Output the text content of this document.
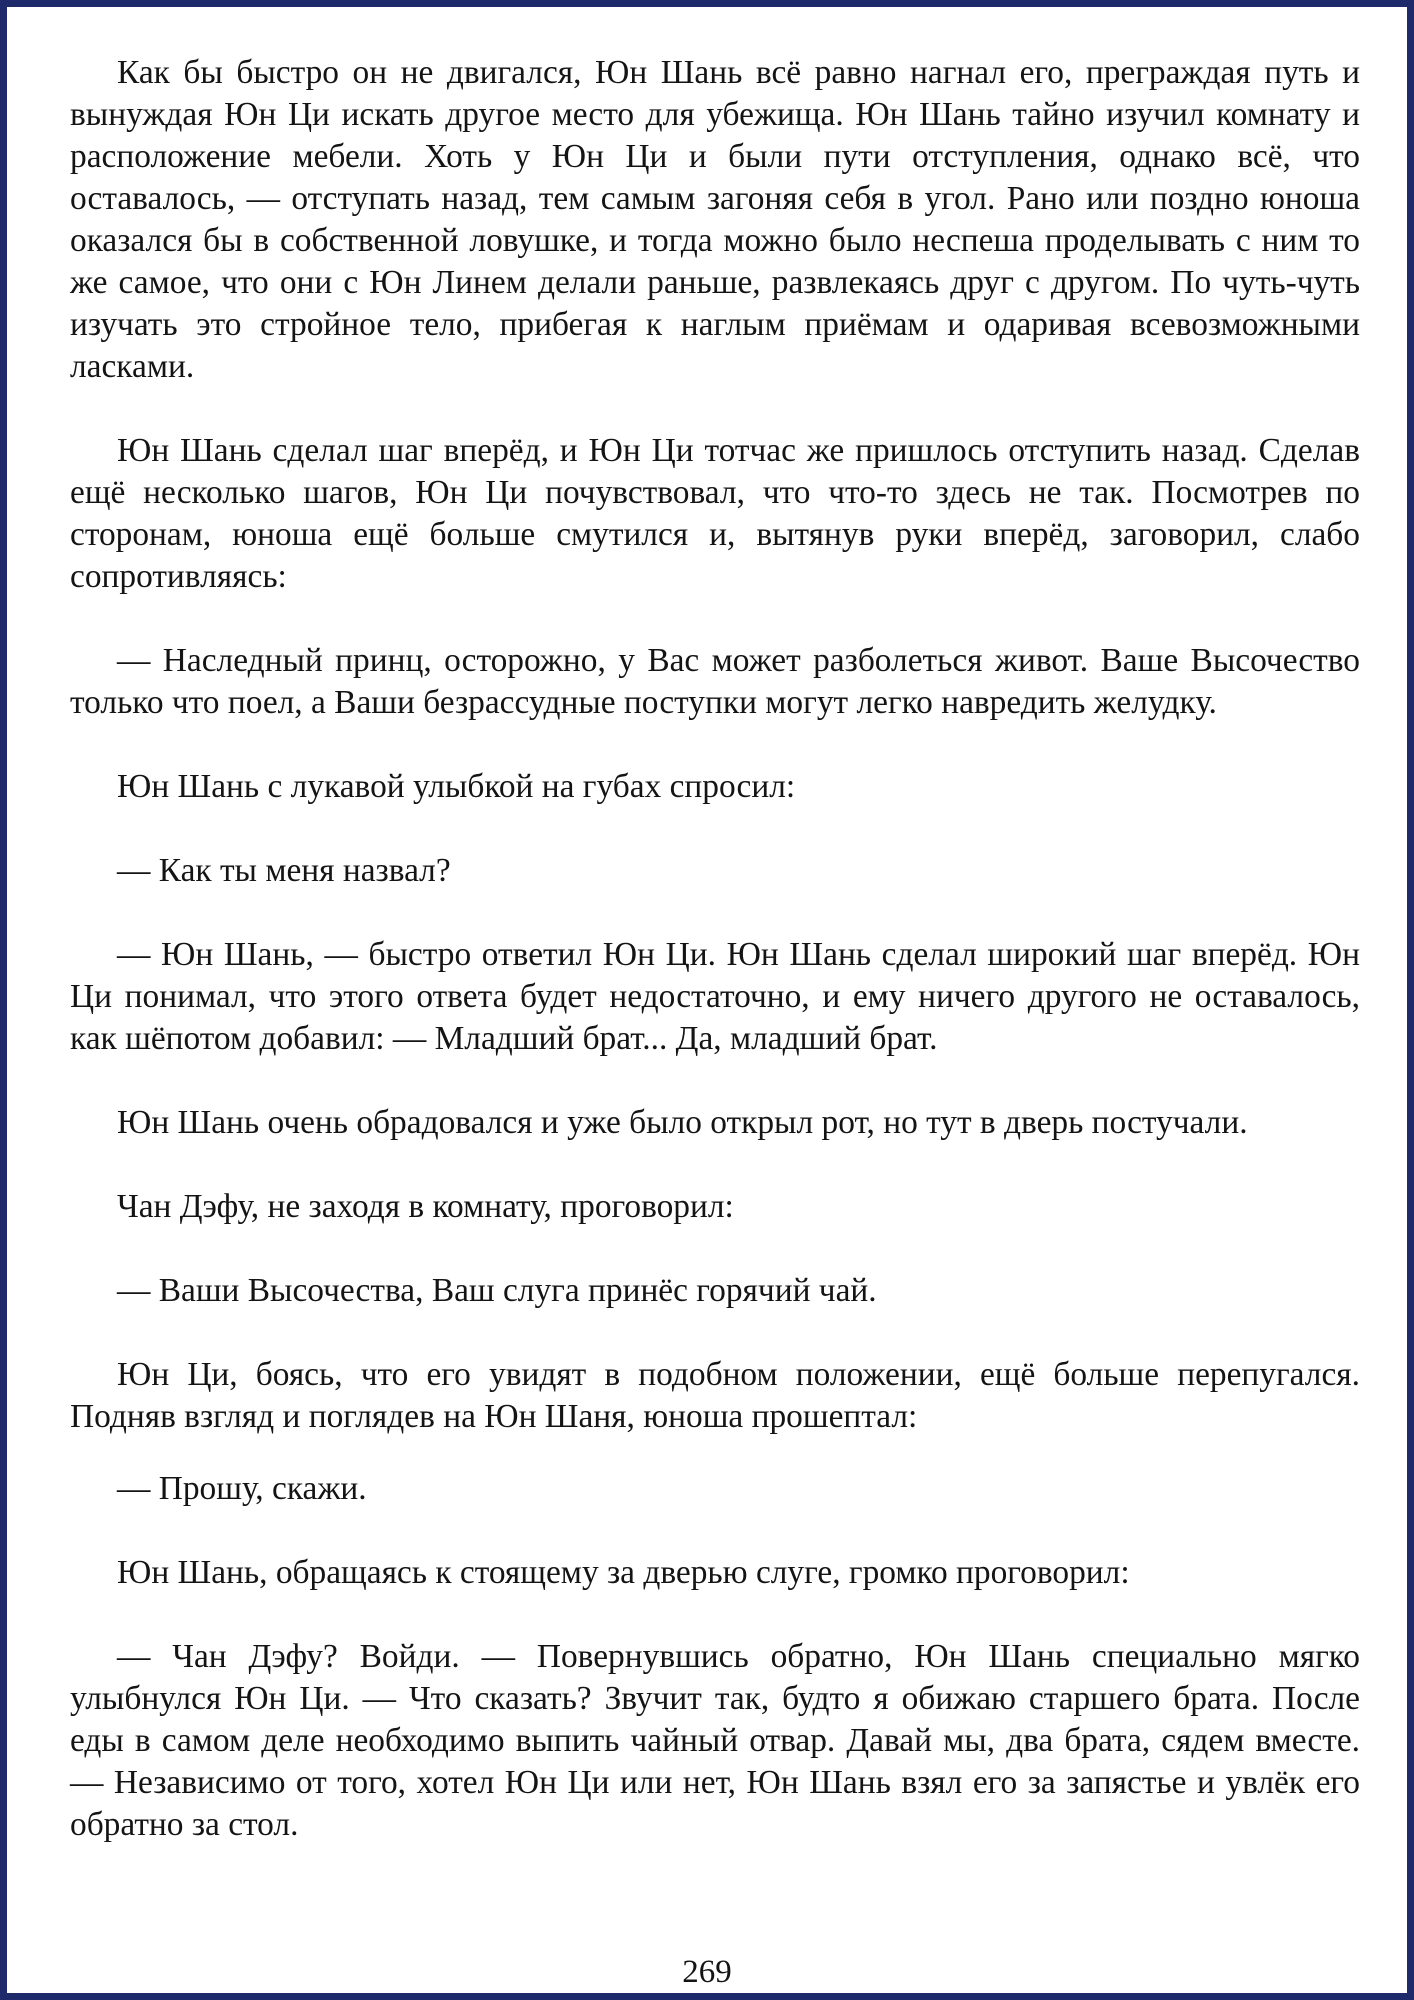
Как бы быстро он не двигался, Юн Шань всё равно нагнал его, преграждая путь и вынуждая Юн Ци искать другое место для убежища. Юн Шань тайно изучил комнату и расположение мебели. Хоть у Юн Ци и были пути отступления, однако всё, что оставалось, — отступать назад, тем самым загоняя себя в угол. Рано или поздно юноша оказался бы в собственной ловушке, и тогда можно было неспеша проделывать с ним то же самое, что они с Юн Линем делали раньше, развлекаясь друг с другом. По чуть-чуть изучать это стройное тело, прибегая к наглым приёмам и одаривая всевозможными ласками.

Юн Шань сделал шаг вперёд, и Юн Ци тотчас же пришлось отступить назад. Сделав ещё несколько шагов, Юн Ци почувствовал, что что-то здесь не так. Посмотрев по сторонам, юноша ещё больше смутился и, вытянув руки вперёд, заговорил, слабо сопротивляясь:

— Наследный принц, осторожно, у Вас может разболеться живот. Ваше Высочество только что поел, а Ваши безрассудные поступки могут легко навредить желудку.

Юн Шань с лукавой улыбкой на губах спросил:

— Как ты меня назвал?

— Юн Шань, — быстро ответил Юн Ци. Юн Шань сделал широкий шаг вперёд. Юн Ци понимал, что этого ответа будет недостаточно, и ему ничего другого не оставалось, как шёпотом добавил: — Младший брат... Да, младший брат.

Юн Шань очень обрадовался и уже было открыл рот, но тут в дверь постучали.

Чан Дэфу, не заходя в комнату, проговорил:

— Ваши Высочества, Ваш слуга принёс горячий чай.

Юн Ци, боясь, что его увидят в подобном положении, ещё больше перепугался. Подняв взгляд и поглядев на Юн Шаня, юноша прошептал:

— Прошу, скажи.

Юн Шань, обращаясь к стоящему за дверью слуге, громко проговорил:

— Чан Дэфу? Войди. — Повернувшись обратно, Юн Шань специально мягко улыбнулся Юн Ци. — Что сказать? Звучит так, будто я обижаю старшего брата. После еды в самом деле необходимо выпить чайный отвар. Давай мы, два брата, сядем вместе. — Независимо от того, хотел Юн Ци или нет, Юн Шань взял его за запястье и увлёк его обратно за стол.

269
